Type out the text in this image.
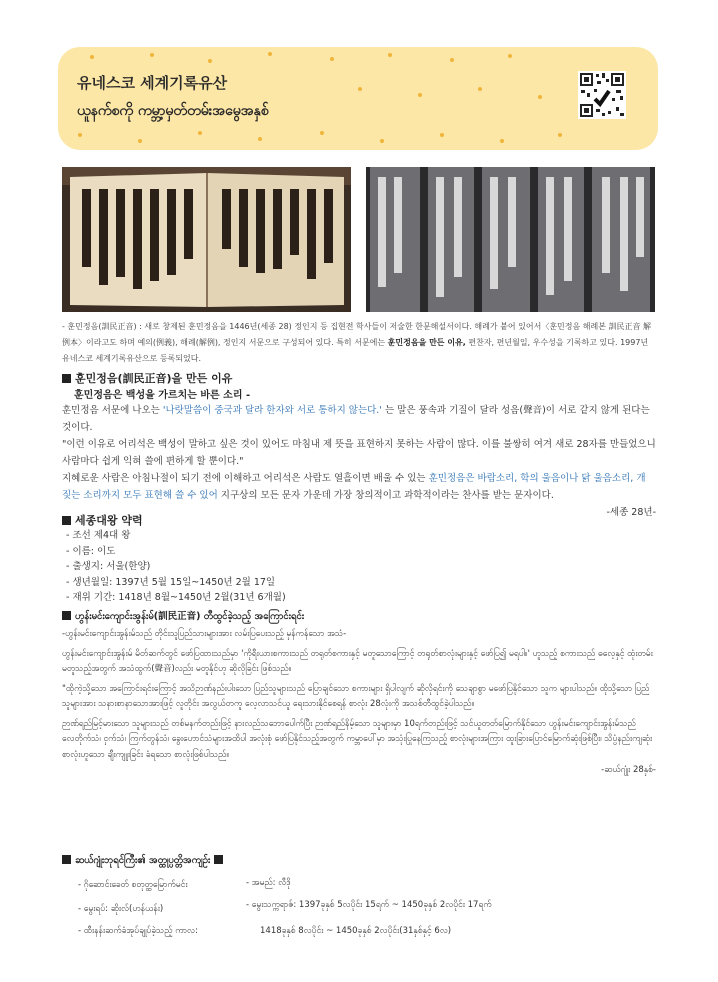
유네스코 세계기록유산
ယူနက်စကို ကမ္ဘာ့မှတ်တမ်းအမွေအနှစ်
- 훈민정음(訓民正音) : 새로 창제된 훈민정음을 1446년(세종 28) 정인지 등 집현전 학사들이 저술한 한문해설서이다. 해례가 붙어 있어서〈훈민정음 해례본 訓民正音 解例本〉이라고도 하며 예의(例義), 해례(解例), 정인지 서문으로 구성되어 있다. 특히 서문에는 훈민정음을 만든 이유, 편찬자, 편년월일, 우수성을 기록하고 있다. 1997년 유네스코 세계기록유산으로 등록되었다.
훈민정음(訓民正音)을 만든 이유
훈민정음은 백성을 가르치는 바른 소리 -
훈민정음 서문에 나오는 '나랏말씀이 중국과 달라 한자와 서로 통하지 않는다.' 는 말은 풍속과 기질이 달라 성음(聲音)이 서로 같지 않게 된다는 것이다.
"이런 이유로 어리석은 백성이 말하고 싶은 것이 있어도 마침내 제 뜻을 표현하지 못하는 사람이 많다. 이를 불쌍히 여겨 새로 28자를 만들었으니 사람마다 쉽게 익혀 쓸에 편하게 할 뿐이다."
지혜로운 사람은 아침나절이 되기 전에 이해하고 어리석은 사람도 열흘이면 배울 수 있는 훈민정음은 바람소리, 학의 울음이나 닭 울음소리, 개 짖는 소리까지 모두 표현해 쓸 수 있어 지구상의 모든 문자 가운데 가장 창의적이고 과학적이라는 찬사를 받는 문자이다.
-세종 28년-
세종대왕 약력
- 조선 제4대 왕
- 이름: 이도
- 출생지: 서울(한양)
- 생년월일: 1397년 5월 15일~1450년 2월 17일
- 재위 기간: 1418년 8월~1450년 2월(31년 6개월)
ဟွန်းမင်းကျောင်းအွန်းမ်(訓民正音) တီထွင်ခဲ့သည့် အကြောင်းရင်း
-ဟွန်းမင်းကျောင်းအွန်းမ်သည် တိုင်းသူပြည်သားများအား လမ်းပြပေးသည့် မှန်ကန်သော အသံ-
ဟွန်းမင်းကျောင်းအွန်းမ် မိတ်ဆက်တွင် ဖော်ပြထားသည်မှာ 'ကိုရီးယားစကားသည် တရုတ်စကားနှင့် မတူသောကြောင့် တရုတ်စာလုံးများနှင့် ဖော်ပြ၍ မရပါ။' ဟူသည့် စကားသည် ဓလေ့နှင့် ထုံးတမ်း မတူသည့်အတွက် အသံထွက်(聲音)လည်း မတူနိုင်ဟု ဆိုလိုခြင်း ဖြစ်သည်။
"ထိုကဲ့သို့သော အကြောင်းရင်းကြောင့် အသိဉာဏ်နည်းပါးသော ပြည်သူများသည် ပြောချင်သော စကားများ ရှိပါလျက် ဆိုလိုရင်းကို သေချာစွာ မဖော်ပြနိုင်သော သူက များပါသည်။ ထိုသို့သော ပြည်သူများအား သနားစာနာသောအားဖြင့် လူတိုင်း အလွယ်တကူ လေ့လာသင်ယူ ရေးသားနိုင်စေရန် စာလုံး 28လုံးကို အသစ်တီထွင်ခဲ့ပါသည်။
ဉာဏ်ရည်မြင့်မားသော သူများသည် တစ်မနက်တည်းဖြင့် နားလည်သဘောပေါက်ပြီး ဉာဏ်ရည်နိမ့်သော သူများမှာ 10ရက်တည်းဖြင့် သင်ယူတတ်မြောက်နိုင်သော ဟွန်းမင်းကျောင်းအွန်းမ်သည် လေတိုက်သံ၊ ငှက်သံ၊ ကြက်တွန်သံ၊ ခွေးဟောင်သံများအထိပါ အလုံးစုံ ဖော်ပြနိုင်သည့်အတွက် ကမ္ဘာပေါ်မှာ အသုံးပြုနေကြသည့် စာလုံးများအကြား ထူးခြားပြောင်မြောက်ဆုံးဖြစ်ပြီး၊ သိပ္ပံနည်းကျဆုံး စာလုံးဟူသော ချီးကျူးခြင်း ခံရသော စာလုံးဖြစ်ပါသည်။
-ဆယ်ဂျုံး 28နှစ်-
ဆယ်ဂျုံးဘုရင်ကြီး၏ အတ္ထုပ္ပတ္တိအကျဉ်း
- ဂိုဆောင်းခေတ် စတုတ္ထမြောက်မင်း
- မွေးရပ်: ဆိုးလ်(ဟန်ယန်း)
- ထီးနန်းဆက်ခံအုပ်ချုပ်ခဲ့သည့် ကာလ:
- အမည်: လီဒို
- မွေးသက္ကရာဇ်: 1397ခုနှစ် 5လပိုင်း 15ရက် ~ 1450ခုနှစ် 2လပိုင်း 17ရက်
1418ခုနှစ် 8လပိုင်း ~ 1450ခုနှစ် 2လပိုင်း(31နှစ်နှင့် 6လ)
